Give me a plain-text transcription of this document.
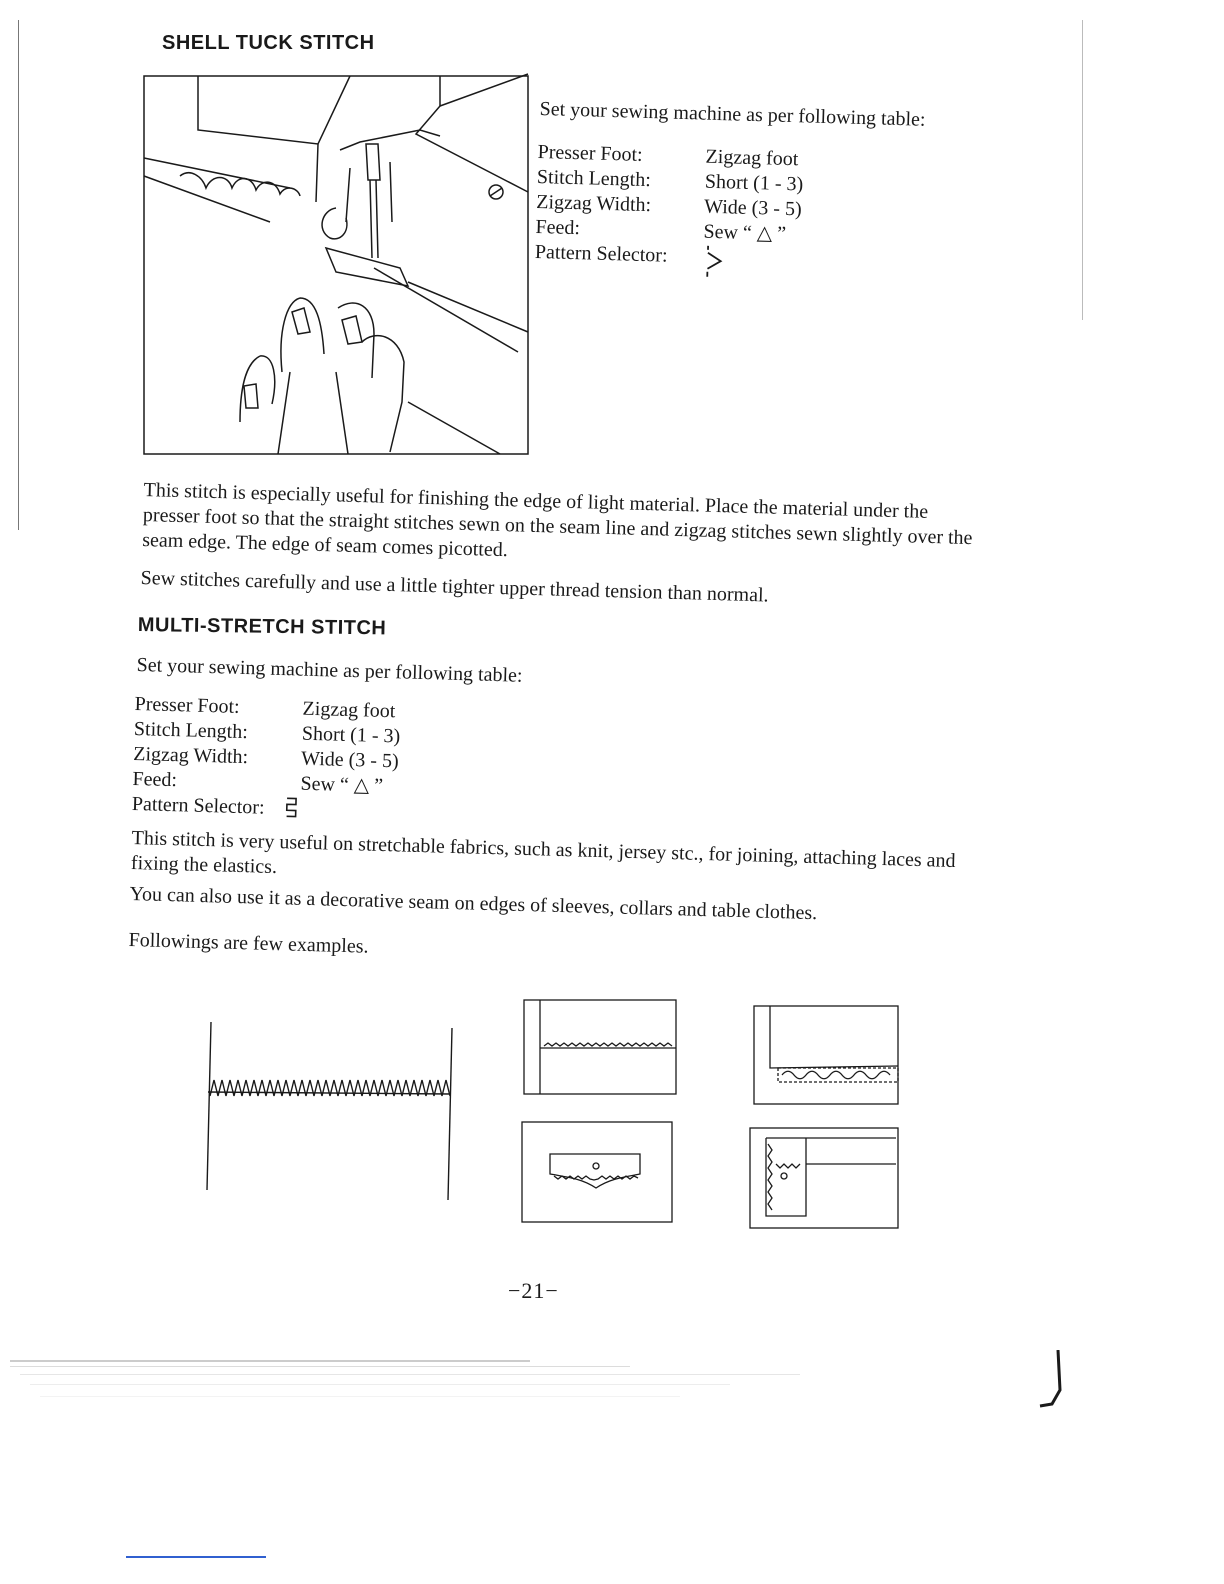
SHELL TUCK STITCH
Set your sewing machine as per following table:
Presser Foot:	Zigzag foot
Stitch Length:	Short (1 - 3)
Zigzag Width:	Wide (3 - 5)
Feed:	Sew “ △ ”
Pattern Selector:
This stitch is especially useful for finishing the edge of light material. Place the material under the presser foot so that the straight stitches sewn on the seam line and zigzag stitches sewn slightly over the seam edge. The edge of seam comes picotted.
Sew stitches carefully and use a little tighter upper thread tension than normal.
MULTI-STRETCH STITCH
Set your sewing machine as per following table:
Presser Foot:	Zigzag foot
Stitch Length:	Short (1 - 3)
Zigzag Width:	Wide (3 - 5)
Feed:	Sew “ △ ”
Pattern Selector:
This stitch is very useful on stretchable fabrics, such as knit, jersey stc., for joining, attaching laces and fixing the elastics.
You can also use it as a decorative seam on edges of sleeves, collars and table clothes.
Followings are few examples.
−21−
